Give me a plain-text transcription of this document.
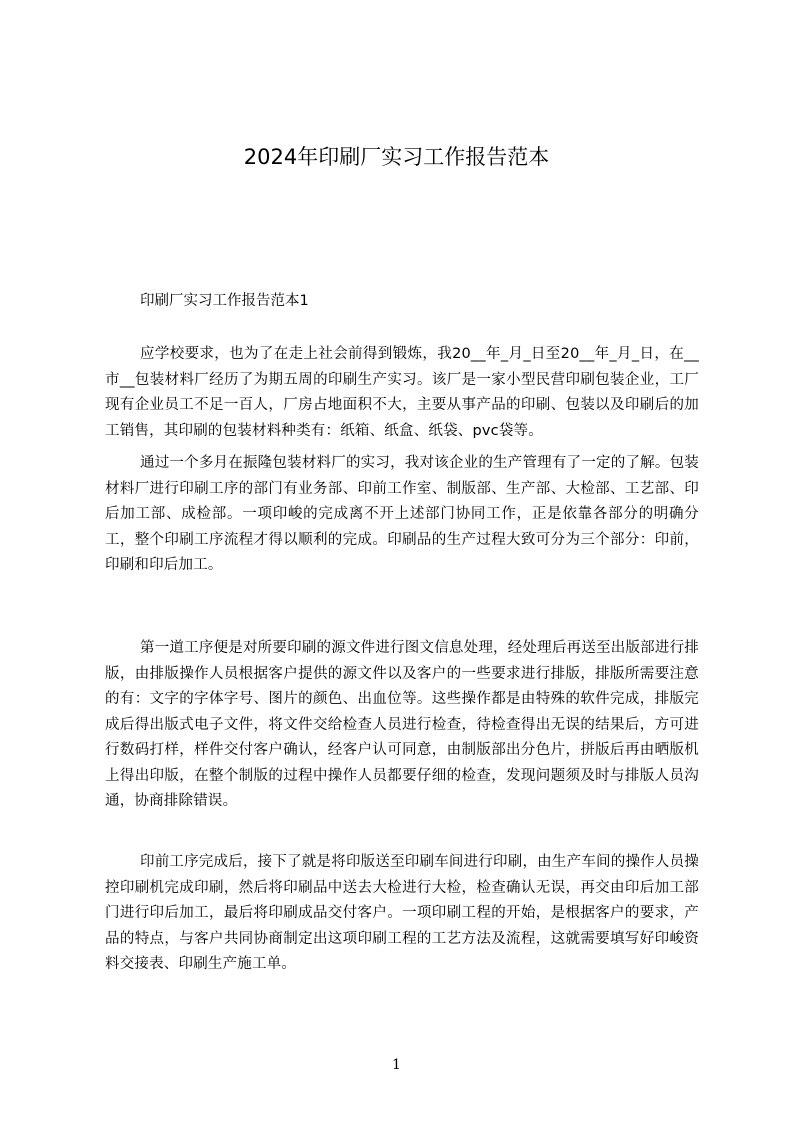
2024年印刷厂实习工作报告范本

印刷厂实习工作报告范本1

应学校要求，也为了在走上社会前得到锻炼，我20__年_月_日至20__年_月_日，在__市__包装材料厂经历了为期五周的印刷生产实习。该厂是一家小型民营印刷包装企业，工厂现有企业员工不足一百人，厂房占地面积不大，主要从事产品的印刷、包装以及印刷后的加工销售，其印刷的包装材料种类有：纸箱、纸盒、纸袋、pvc袋等。

通过一个多月在振隆包装材料厂的实习，我对该企业的生产管理有了一定的了解。包装材料厂进行印刷工序的部门有业务部、印前工作室、制版部、生产部、大检部、工艺部、印后加工部、成检部。一项印峻的完成离不开上述部门协同工作，正是依靠各部分的明确分工，整个印刷工序流程才得以顺利的完成。印刷品的生产过程大致可分为三个部分：印前，印刷和印后加工。

第一道工序便是对所要印刷的源文件进行图文信息处理，经处理后再送至出版部进行排版，由排版操作人员根据客户提供的源文件以及客户的一些要求进行排版，排版所需要注意的有：文字的字体字号、图片的颜色、出血位等。这些操作都是由特殊的软件完成，排版完成后得出版式电子文件，将文件交给检查人员进行检查，待检查得出无误的结果后，方可进行数码打样，样件交付客户确认，经客户认可同意，由制版部出分色片，拼版后再由晒版机上得出印版，在整个制版的过程中操作人员都要仔细的检查，发现问题须及时与排版人员沟通，协商排除错误。

印前工序完成后，接下了就是将印版送至印刷车间进行印刷，由生产车间的操作人员操控印刷机完成印刷，然后将印刷品中送去大检进行大检，检查确认无误，再交由印后加工部门进行印后加工，最后将印刷成品交付客户。一项印刷工程的开始，是根据客户的要求，产品的特点，与客户共同协商制定出这项印刷工程的工艺方法及流程，这就需要填写好印峻资料交接表、印刷生产施工单。

1
